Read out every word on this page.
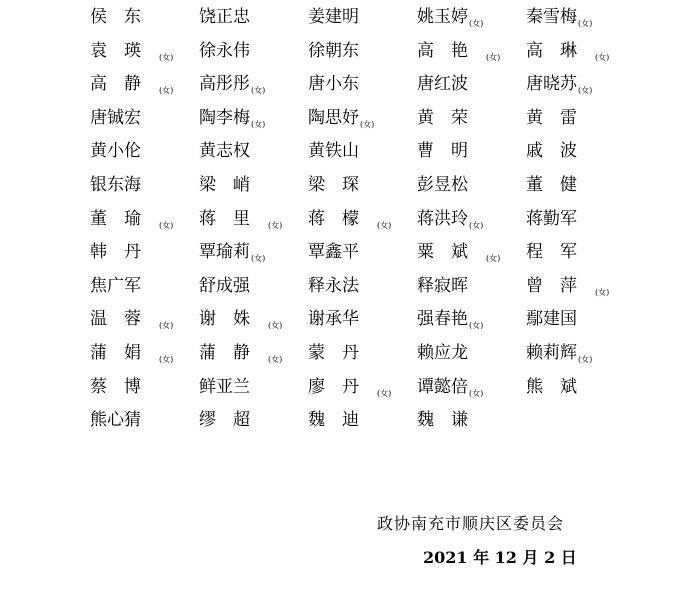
侯东	饶正忠	姜建明	姚玉婷$_{(女)}$	秦雪梅$_{(女)}$
袁瑛$_{(女)}$	徐永伟	徐朝东	高艳$_{(女)}$	高琳$_{(女)}$
高静$_{(女)}$	高彤彤$_{(女)}$	唐小东	唐红波	唐晓苏$_{(女)}$
唐铖宏	陶李梅$_{(女)}$	陶思妤$_{(女)}$	黄荣	黄雷
黄小伦	黄志权	黄铁山	曹明	戚波
银东海	梁峭	梁琛	彭昱松	董健
董瑜$_{(女)}$	蒋里$_{(女)}$	蒋檬$_{(女)}$	蒋洪玲$_{(女)}$	蒋勤军
韩丹	覃瑜莉$_{(女)}$	覃鑫平	粟斌$_{(女)}$	程军
焦广军	舒成强	释永法	释寂晖	曾萍$_{(女)}$
温蓉$_{(女)}$	谢姝$_{(女)}$	谢承华	强春艳$_{(女)}$	鄢建国
蒲娟$_{(女)}$	蒲静$_{(女)}$	蒙丹	赖应龙	赖莉辉$_{(女)}$
蔡博	鲜亚兰	廖丹$_{(女)}$	谭懿倍$_{(女)}$	熊斌
熊心猜	缪超	魏迪	魏谦
政协南充市顺庆区委员会
2021 年 12 月 2 日
